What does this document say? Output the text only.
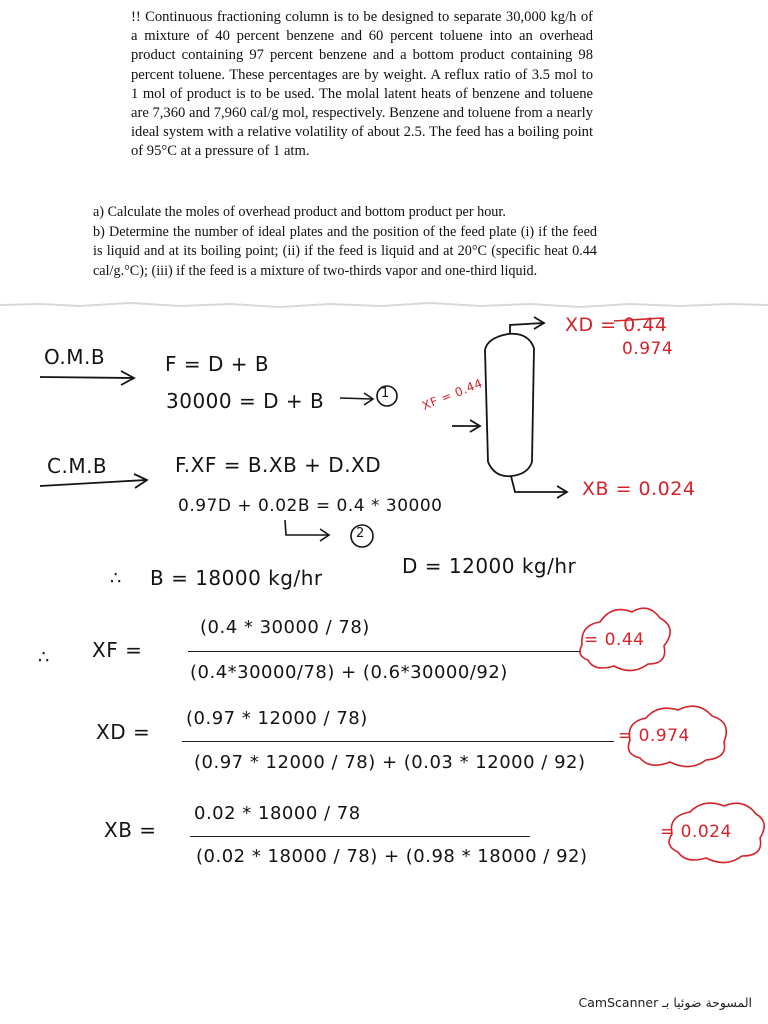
!! Continuous fractioning column is to be designed to separate 30,000 kg/h of a mixture of 40 percent benzene and 60 percent toluene into an overhead product containing 97 percent benzene and a bottom product containing 98 percent toluene. These percentages are by weight. A reflux ratio of 3.5 mol to 1 mol of product is to be used. The molal latent heats of benzene and toluene are 7,360 and 7,960 cal/g mol, respectively. Benzene and toluene from a nearly ideal system with a relative volatility of about 2.5. The feed has a boiling point of 95°C at a pressure of 1 atm.

a) Calculate the moles of overhead product and bottom product per hour.

b) Determine the number of ideal plates and the position of the feed plate (i) if the feed is liquid and at its boiling point; (ii) if the feed is liquid and at 20°C (specific heat 0.44 cal/g.°C); (iii) if the feed is a mixture of two-thirds vapor and one-third liquid.

O.M.B	F = D + B
30000 = D + B	1
C.M.B	F.XF = B.XB + D.XD
0.97D + 0.02B = 0.4 * 30000
2
∴ B = 18000 kg/hr	D = 12000 kg/hr
∴ XF =
(0.4 * 30000 / 78)
(0.4*30000/78) + (0.6*30000/92)
= 0.44
XD =
(0.97 * 12000 / 78)
(0.97 * 12000 / 78) + (0.03 * 12000 / 92)
= 0.974
XB =
0.02 * 18000 / 78
(0.02 * 18000 / 78) + (0.98 * 18000 / 92)
= 0.024
XD = 0.44
0.974
XF = 0.44
XB = 0.024
CamScanner المسوحة ضوئيا بـ
